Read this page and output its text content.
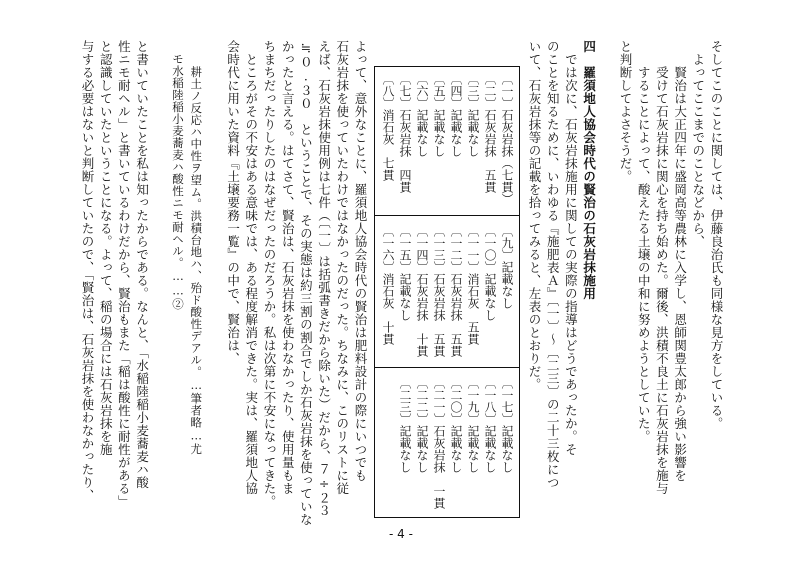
そしてこのことに関しては、伊藤良治氏も同様な見方をしている。
よってここまでのことなどから、
賢治は大正四年に盛岡高等農林に入学し、恩師関豊太郎から強い影響を
受けて石灰岩抹に関心を持ち始めた。爾後、洪積不良土に石灰岩抹を施与
することによって、酸えたる土壌の中和に努めようとしていた。
と判断してよさそうだ。
四　羅須地人協会時代の賢治の石灰岩抹施用
では次に、石灰岩抹施用に関しての実際の指導はどうであったか。そ
のことを知るために、いわゆる『施肥表Ａ』〔一〕〜〔二三〕の二十三枚につ
いて、石灰岩抹等の記載を拾ってみると、左表のとおりだ。
〔一〕石灰岩抹（七貫）
〔二〕石灰岩抹　五貫
〔三〕記載なし
〔四〕記載なし
〔五〕記載なし
〔六〕記載なし
〔七〕石灰岩抹　四貫
〔八〕消石灰　七貫
〔九〕記載なし
〔一〇〕記載なし
〔一一〕消石灰　五貫
〔一二〕石灰岩抹　五貫
〔一三〕石灰岩抹　五貫
〔一四〕石灰岩抹　十貫
〔一五〕記載なし
〔一六〕消石灰　十貫
〔一七〕記載なし
〔一八〕記載なし
〔一九〕記載なし
〔二〇〕記載なし
〔二一〕石灰岩抹　一貫
〔二二〕記載なし
〔二三〕記載なし
よって、意外なことに、羅須地人協会時代の賢治は肥料設計の際にいつでも
石灰岩抹を使っていたわけではなかったのだった。ちなみに、このリストに従
えば、石灰岩抹使用例は七件（〔一〕は括弧書きだから除いた）だから、７÷２３
≒０.３０　ということで、その実態は約三割の割合でしか石灰岩抹を使っていな
かったと言える。はてさて、賢治は、石灰岩抹を使わなかったり、使用量もま
ちまちだったりしたのはなぜだったのだろうか。私は次第に不安になってきた。
ところがその不安はある意味では、ある程度解消できた。実は、羅須地人協
会時代に用いた資料『土壌要務一覧』の中で、賢治は、
耕土ノ反応ハ中性ヲ望ム。洪積台地ハ、殆ド酸性デアル。…筆者略…尤
モ水稲陸稲小麦蕎麦ハ酸性ニモ耐ヘル。……②
と書いていたことを私は知ったからである。なんと、「水稲陸稲小麦蕎麦ハ酸
性ニモ耐ヘル」と書いているわけだから、賢治もまた「稲は酸性に耐性がある」
と認識していたということになる。よって、稲の場合には石灰岩抹を施
与する必要はないと判断していたので、「賢治は、石灰岩抹を使わなかったり、
- 4 -
